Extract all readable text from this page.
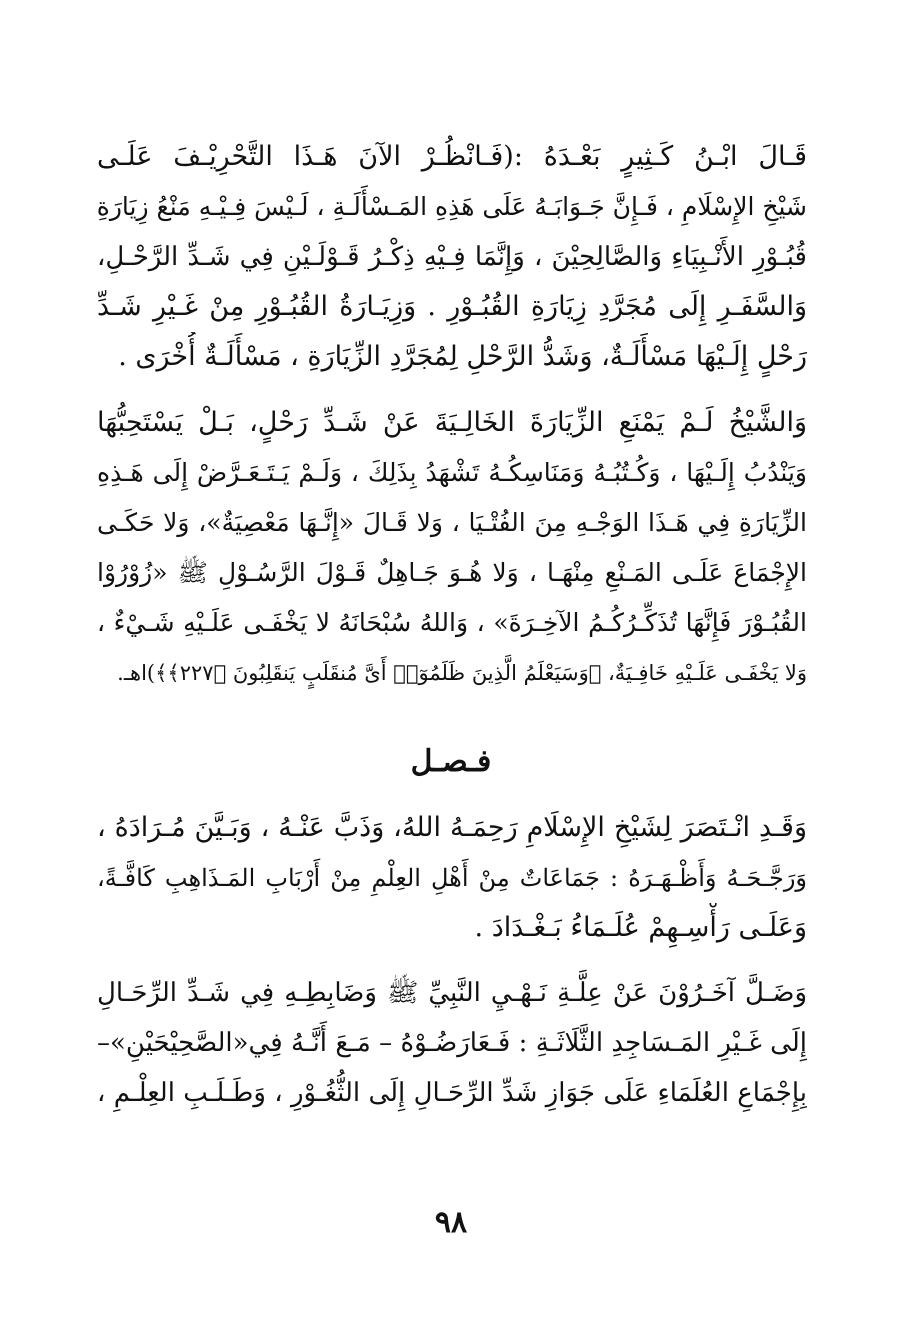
قَـالَ ابْـنُ كَـثِيرٍ بَعْـدَهُ :(فَـانْظُـرْ الآنَ هَـذَا التَّحْرِيْـفَ عَلَـى
شَيْخِ الإِسْلَامِ ، فَـإِنَّ جَـوَابَـهُ عَلَى هَذِهِ المَـسْأَلَـةِ ، لَـيْسَ فِـيْـهِ مَنْعُ زِيَارَةِ
قُبُـوْرِ الأَنْـبِيَاءِ وَالصَّالِحِيْنَ ، وَإِنَّمَا فِـيْهِ ذِكْـرُ قَـوْلَـيْنِ فِي شَـدِّ الرَّحْـلِ،
وَالسَّفَـرِ إِلَى مُجَرَّدِ زِيَارَةِ القُبُـوْرِ . وَزِيَـارَةُ القُبُـوْرِ مِنْ غَـيْرِ شَـدِّ
رَحْلٍ إِلَـيْهَا مَسْأَلَـةٌ، وَشَدُّ الرَّحْلِ لِمُجَرَّدِ الزِّيَارَةِ ، مَسْأَلَـةٌ أُخْرَى .
وَالشَّيْخُ لَـمْ يَمْنَعِ الزِّيَارَةَ الخَالِـيَةَ عَنْ شَـدِّ رَحْلٍ، بَـلْ يَسْتَحِبُّهَا
وَيَنْدُبُ إِلَـيْهَا ، وَكُـتُبُـهُ وَمَنَاسِكُـهُ تَشْهَدُ بِذَلِكَ ، وَلَـمْ يَـتَـعَـرَّضْ إِلَى هَـذِهِ
الزِّيَارَةِ فِي هَـذَا الوَجْـهِ مِنَ الفُتْـيَا ، وَلا قَـالَ «إِنَّـهَا مَعْصِيَةٌ»، وَلا حَكَـى
الإِجْمَاعَ عَلَـى المَـنْعِ مِنْهَـا ، وَلا هُـوَ جَـاهِلٌ قَـوْلَ الرَّسُـوْلِ ﷺ «زُوْرُوْا
القُبُـوْرَ فَإِنَّهَا تُذَكِّـرُكُـمُ الآخِـرَةَ» ، وَاللهُ سُبْحَانَهُ لا يَخْفَـى عَلَـيْهِ شَـيْءٌ ،
وَلا يَخْفَـى عَلَـيْهِ خَافِـيَةٌ، ﴿وَسَيَعْلَمُ الَّذِينَ ظَلَمُوٓا۟ أَىَّ مُنقَلَبٍ يَنقَلِبُونَ ﴿٢٢٧﴾﴾)اهـ.
فـصـل
وَقَـدِ انْـتَصَرَ لِشَيْخِ الإِسْلَامِ رَحِمَـهُ اللهُ، وَذَبَّ عَنْـهُ ، وَبَـيَّنَ مُـرَادَهُ ،
وَرَجَّـحَـهُ وَأَظْـهَـرَهُ : جَمَاعَاتٌ مِنْ أَهْلِ العِلْمِ مِنْ أَرْبَابِ المَـذَاهِبِ كَافَّـةً،
وَعَلَـى رَأْسِـهِمْ عُلَـمَاءُ بَـغْـدَادَ .
وَضَـلَّ آخَـرُوْنَ عَنْ عِلَّـةِ نَـهْـيِ النَّبِيِّ ﷺ وَضَابِطِـهِ فِي شَـدِّ الرِّحَـالِ
إِلَى غَـيْرِ المَـسَاجِدِ الثَّلَاثَـةِ : فَـعَارَضُـوْهُ – مَـعَ أَنَّـهُ فِي«الصَّحِيْحَيْنِ»–
بِإِجْمَاعِ العُلَمَاءِ عَلَى جَوَازِ شَدِّ الرِّحَـالِ إِلَى الثُّغُـوْرِ ، وَطَـلَـبِ العِلْـمِ ،
٩٨
